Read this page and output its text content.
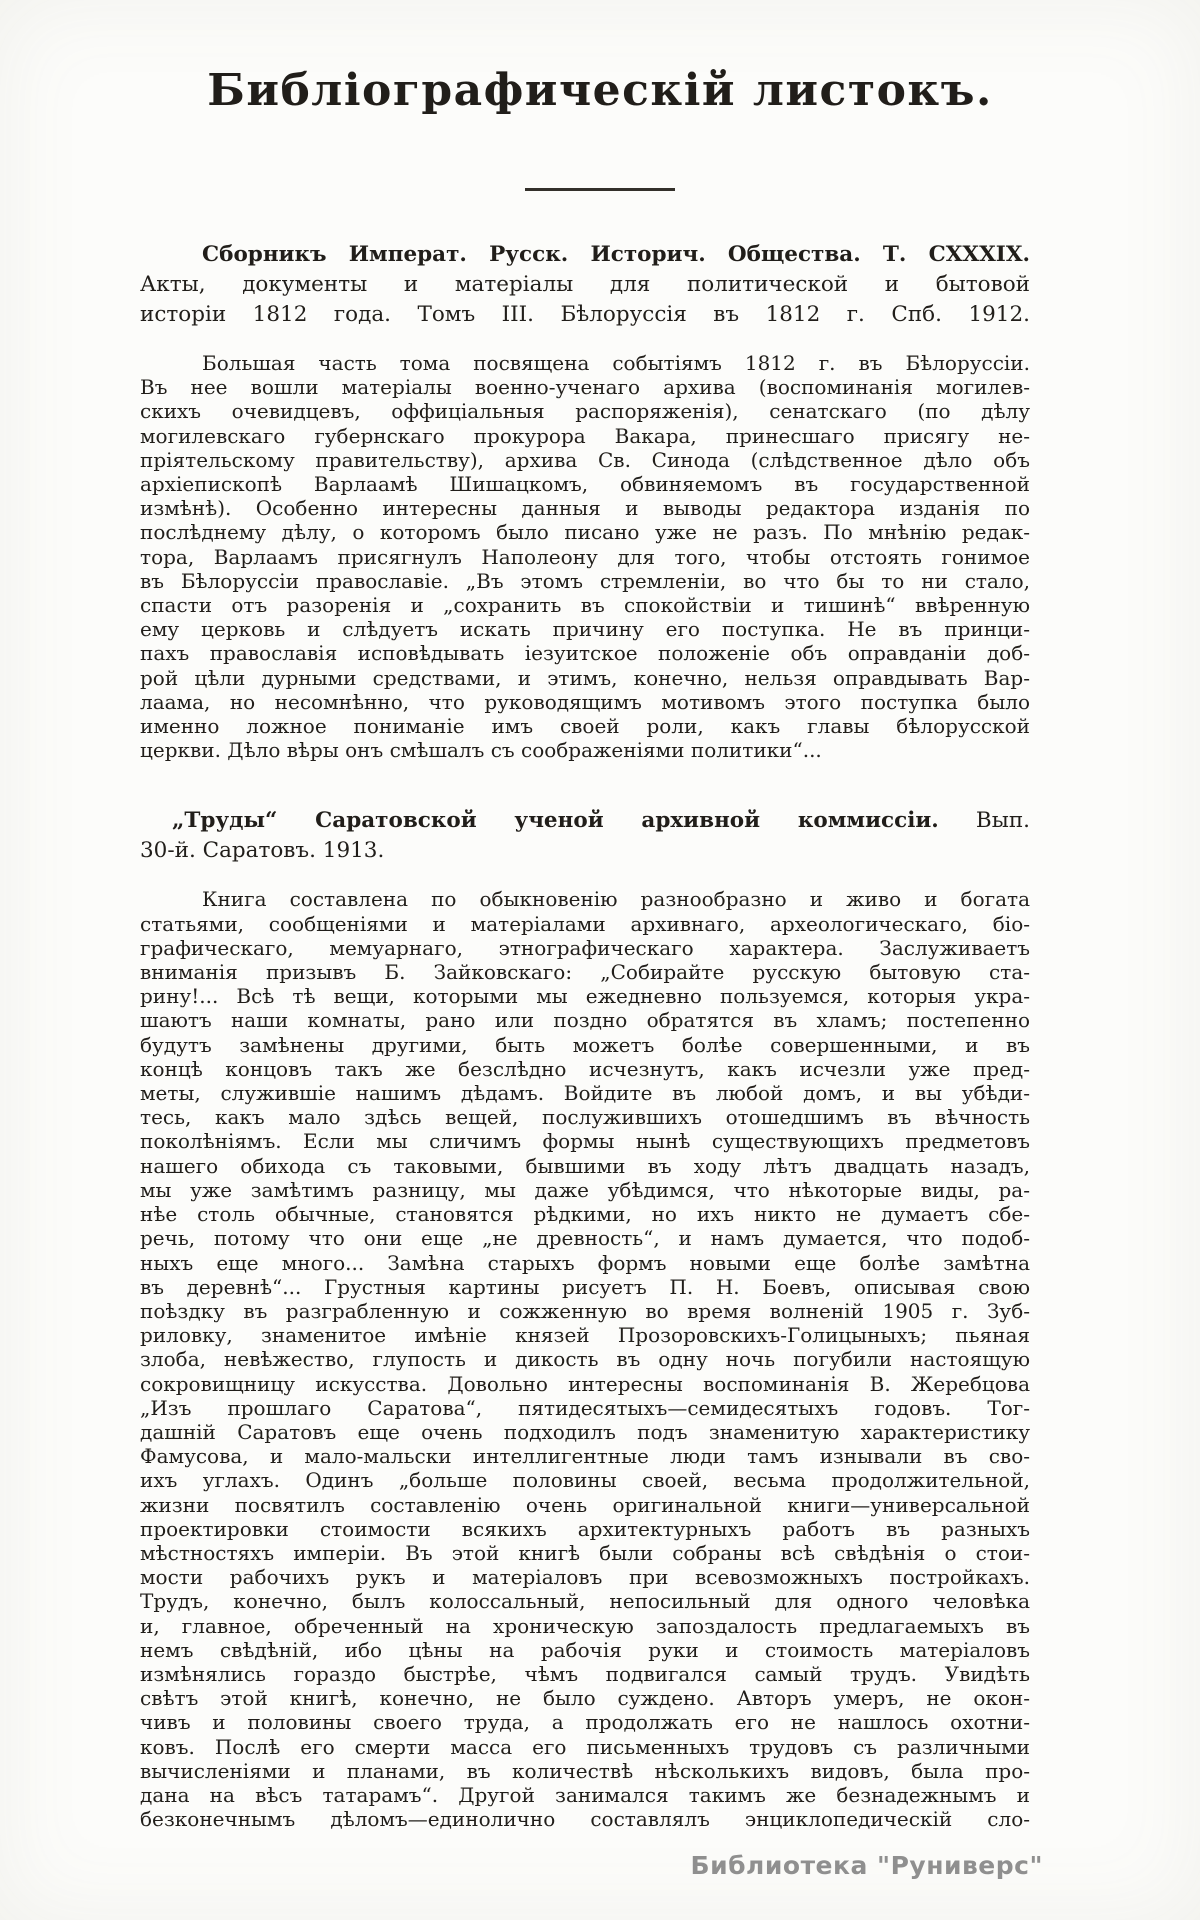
Библіографическій листокъ.
Сборникъ Императ. Русск. Историч. Общества. Т. CXXXIX.
Акты, документы и матеріалы для политической и бытовой
исторіи 1812 года. Томъ III. Бѣлоруссія въ 1812 г. Спб. 1912.
Большая часть тома посвящена событіямъ 1812 г. въ Бѣлоруссіи.
Въ нее вошли матеріалы военно-ученаго архива (воспоминанія могилев-
скихъ очевидцевъ, оффиціальныя распоряженія), сенатскаго (по дѣлу
могилевскаго губернскаго прокурора Вакара, принесшаго присягу не-
пріятельскому правительству), архива Св. Синода (слѣдственное дѣло объ
архіепископѣ Варлаамѣ Шишацкомъ, обвиняемомъ въ государственной
измѣнѣ). Особенно интересны данныя и выводы редактора изданія по
послѣднему дѣлу, о которомъ было писано уже не разъ. По мнѣнію редак-
тора, Варлаамъ присягнулъ Наполеону для того, чтобы отстоять гонимое
въ Бѣлоруссіи православіе. „Въ этомъ стремленіи, во что бы то ни стало,
спасти отъ разоренія и „сохранить въ спокойствіи и тишинѣ“ ввѣренную
ему церковь и слѣдуетъ искать причину его поступка. Не въ принци-
пахъ православія исповѣдывать іезуитское положеніе объ оправданіи доб-
рой цѣли дурными средствами, и этимъ, конечно, нельзя оправдывать Вар-
лаама, но несомнѣнно, что руководящимъ мотивомъ этого поступка было
именно ложное пониманіе имъ своей роли, какъ главы бѣлорусской
церкви. Дѣло вѣры онъ смѣшалъ съ соображеніями политики“...
„Труды“ Саратовской ученой архивной коммиссіи. Вып.
30-й. Саратовъ. 1913.
Книга составлена по обыкновенію разнообразно и живо и богата
статьями, сообщеніями и матеріалами архивнаго, археологическаго, біо-
графическаго, мемуарнаго, этнографическаго характера. Заслуживаетъ
вниманія призывъ Б. Зайковскаго: „Собирайте русскую бытовую ста-
рину!... Всѣ тѣ вещи, которыми мы ежедневно пользуемся, которыя укра-
шаютъ наши комнаты, рано или поздно обратятся въ хламъ; постепенно
будутъ замѣнены другими, быть можетъ болѣе совершенными, и въ
концѣ концовъ такъ же безслѣдно исчезнутъ, какъ исчезли уже пред-
меты, служившіе нашимъ дѣдамъ. Войдите въ любой домъ, и вы убѣди-
тесь, какъ мало здѣсь вещей, послужившихъ отошедшимъ въ вѣчность
поколѣніямъ. Если мы сличимъ формы нынѣ существующихъ предметовъ
нашего обихода съ таковыми, бывшими въ ходу лѣтъ двадцать назадъ,
мы уже замѣтимъ разницу, мы даже убѣдимся, что нѣкоторые виды, ра-
нѣе столь обычные, становятся рѣдкими, но ихъ никто не думаетъ сбе-
речь, потому что они еще „не древность“, и намъ думается, что подоб-
ныхъ еще много... Замѣна старыхъ формъ новыми еще болѣе замѣтна
въ деревнѣ“... Грустныя картины рисуетъ П. Н. Боевъ, описывая свою
поѣздку въ разграбленную и сожженную во время волненій 1905 г. Зуб-
риловку, знаменитое имѣніе князей Прозоровскихъ-Голицыныхъ; пьяная
злоба, невѣжество, глупость и дикость въ одну ночь погубили настоящую
сокровищницу искусства. Довольно интересны воспоминанія В. Жеребцова
„Изъ прошлаго Саратова“, пятидесятыхъ—семидесятыхъ годовъ. Тог-
дашній Саратовъ еще очень подходилъ подъ знаменитую характеристику
Фамусова, и мало-мальски интеллигентные люди тамъ изнывали въ сво-
ихъ углахъ. Одинъ „больше половины своей, весьма продолжительной,
жизни посвятилъ составленію очень оригинальной книги—универсальной
проектировки стоимости всякихъ архитектурныхъ работъ въ разныхъ
мѣстностяхъ имперіи. Въ этой книгѣ были собраны всѣ свѣдѣнія о стои-
мости рабочихъ рукъ и матеріаловъ при всевозможныхъ постройкахъ.
Трудъ, конечно, былъ колоссальный, непосильный для одного человѣка
и, главное, обреченный на хроническую запоздалость предлагаемыхъ въ
немъ свѣдѣній, ибо цѣны на рабочія руки и стоимость матеріаловъ
измѣнялись гораздо быстрѣе, чѣмъ подвигался самый трудъ. Увидѣть
свѣтъ этой книгѣ, конечно, не было суждено. Авторъ умеръ, не окон-
чивъ и половины своего труда, а продолжать его не нашлось охотни-
ковъ. Послѣ его смерти масса его письменныхъ трудовъ съ различными
вычисленіями и планами, въ количествѣ нѣсколькихъ видовъ, была про-
дана на вѣсъ татарамъ“. Другой занимался такимъ же безнадежнымъ и
безконечнымъ дѣломъ—единолично составлялъ энциклопедическій сло-
Библиотека "Руниверс"
